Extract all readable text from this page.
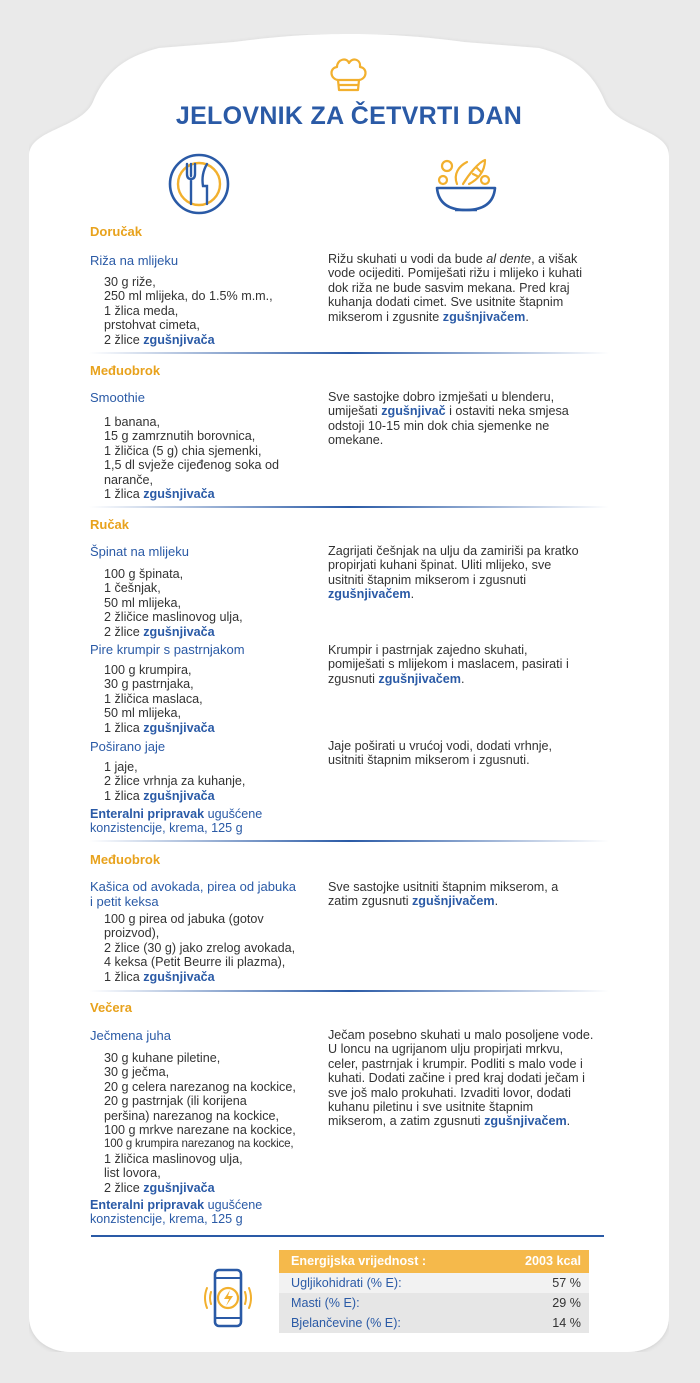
JELOVNIK ZA ČETVRTI DAN
Doručak
Riža na mlijeku
30 g riže,
250 ml mlijeka, do 1.5% m.m.,
1 žlica meda,
prstohvat cimeta,
2 žlice zgušnjivača
Rižu skuhati u vodi da bude al dente, a višak
vode ocijediti. Pomiješati rižu i mlijeko i kuhati
dok riža ne bude sasvim mekana. Pred kraj
kuhanja dodati cimet. Sve usitnite štapnim
mikserom i zgusnite zgušnjivačem.
Međuobrok
Smoothie
1 banana,
15 g zamrznutih borovnica,
1 žličica (5 g) chia sjemenki,
1,5 dl svježe cijeđenog soka od
naranče,
1 žlica zgušnjivača
Sve sastojke dobro izmješati u blenderu,
umiješati zgušnjivač i ostaviti neka smjesa
odstoji 10-15 min dok chia sjemenke ne
omekane.
Ručak
Špinat na mlijeku
100 g špinata,
1 češnjak,
50 ml mlijeka,
2 žličice maslinovog ulja,
2 žlice zgušnjivača
Zagrijati češnjak na ulju da zamiriši pa kratko
propirjati kuhani špinat. Uliti mlijeko, sve
usitniti štapnim mikserom i zgusnuti
zgušnjivačem.
Pire krumpir s pastrnjakom
100 g krumpira,
30 g pastrnjaka,
1 žličica maslaca,
50 ml mlijeka,
1 žlica zgušnjivača
Krumpir i pastrnjak zajedno skuhati,
pomiješati s mlijekom i maslacem, pasirati i
zgusnuti zgušnjivačem.
Poširano jaje
1 jaje,
2 žlice vrhnja za kuhanje,
1 žlica zgušnjivača
Jaje poširati u vrućoj vodi, dodati vrhnje,
usitniti štapnim mikserom i zgusnuti.
Enteralni pripravak ugušćene
konzistencije, krema, 125 g
Međuobrok
Kašica od avokada, pirea od jabuka
i petit keksa
100 g pirea od jabuka (gotov
proizvod),
2 žlice (30 g) jako zrelog avokada,
4 keksa (Petit Beurre ili plazma),
1 žlica zgušnjivača
Sve sastojke usitniti štapnim mikserom, a
zatim zgusnuti zgušnjivačem.
Večera
Ječmena juha
30 g kuhane piletine,
30 g ječma,
20 g celera narezanog na kockice,
20 g pastrnjak (ili korijena
peršina) narezanog na kockice,
100 g mrkve narezane na kockice,
100 g krumpira narezanog na kockice,
1 žličica maslinovog ulja,
list lovora,
2 žlice zgušnjivača
Ječam posebno skuhati u malo posoljene vode.
U loncu na ugrijanom ulju propirjati mrkvu,
celer, pastrnjak i krumpir. Podliti s malo vode i
kuhati. Dodati začine i pred kraj dodati ječam i
sve još malo prokuhati. Izvaditi lovor, dodati
kuhanu piletinu i sve usitnite štapnim
mikserom, a zatim zgusnuti zgušnjivačem.
Enteralni pripravak ugušćene
konzistencije, krema, 125 g
Energijska vrijednost :	2003 kcal
Ugljikohidrati (% E):	57 %
Masti (% E):	29 %
Bjelančevine (% E):	14 %
